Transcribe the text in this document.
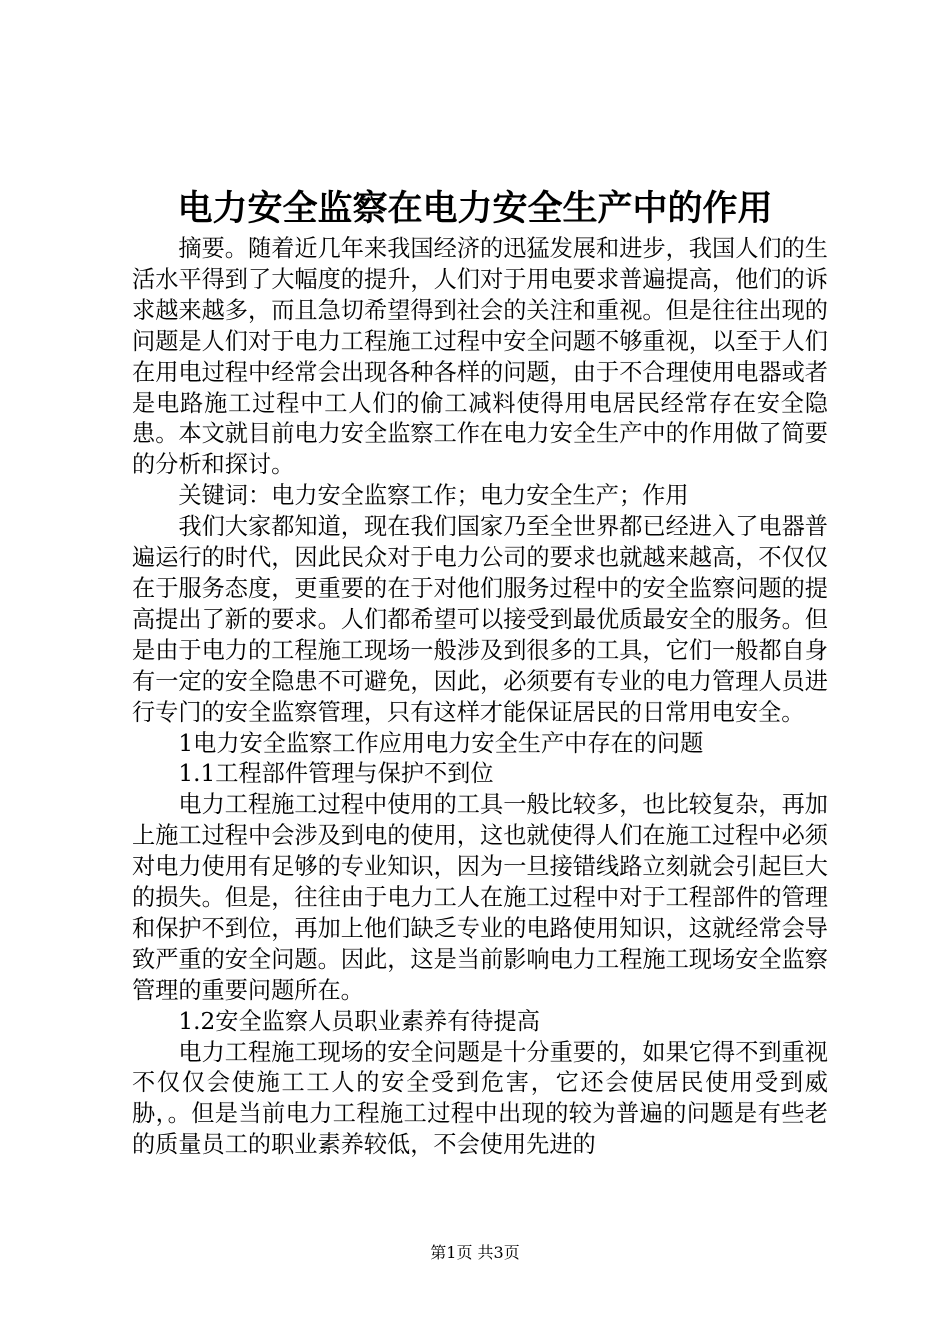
电力安全监察在电力安全生产中的作用

摘要。随着近几年来我国经济的迅猛发展和进步，我国人们的生活水平得到了大幅度的提升，人们对于用电要求普遍提高，他们的诉求越来越多，而且急切希望得到社会的关注和重视。但是往往出现的问题是人们对于电力工程施工过程中安全问题不够重视，以至于人们在用电过程中经常会出现各种各样的问题，由于不合理使用电器或者是电路施工过程中工人们的偷工减料使得用电居民经常存在安全隐患。本文就目前电力安全监察工作在电力安全生产中的作用做了简要的分析和探讨。

关键词：电力安全监察工作；电力安全生产；作用

我们大家都知道，现在我们国家乃至全世界都已经进入了电器普遍运行的时代，因此民众对于电力公司的要求也就越来越高，不仅仅在于服务态度，更重要的在于对他们服务过程中的安全监察问题的提高提出了新的要求。人们都希望可以接受到最优质最安全的服务。但是由于电力的工程施工现场一般涉及到很多的工具，它们一般都自身有一定的安全隐患不可避免，因此，必须要有专业的电力管理人员进行专门的安全监察管理，只有这样才能保证居民的日常用电安全。

1电力安全监察工作应用电力安全生产中存在的问题

1.1工程部件管理与保护不到位

电力工程施工过程中使用的工具一般比较多，也比较复杂，再加上施工过程中会涉及到电的使用，这也就使得人们在施工过程中必须对电力使用有足够的专业知识，因为一旦接错线路立刻就会引起巨大的损失。但是，往往由于电力工人在施工过程中对于工程部件的管理和保护不到位，再加上他们缺乏专业的电路使用知识，这就经常会导致严重的安全问题。因此，这是当前影响电力工程施工现场安全监察管理的重要问题所在。

1.2安全监察人员职业素养有待提高

电力工程施工现场的安全问题是十分重要的，如果它得不到重视不仅仅会使施工工人的安全受到危害，它还会使居民使用受到威胁，。但是当前电力工程施工过程中出现的较为普遍的问题是有些老的质量员工的职业素养较低，不会使用先进的

第1页 共3页
